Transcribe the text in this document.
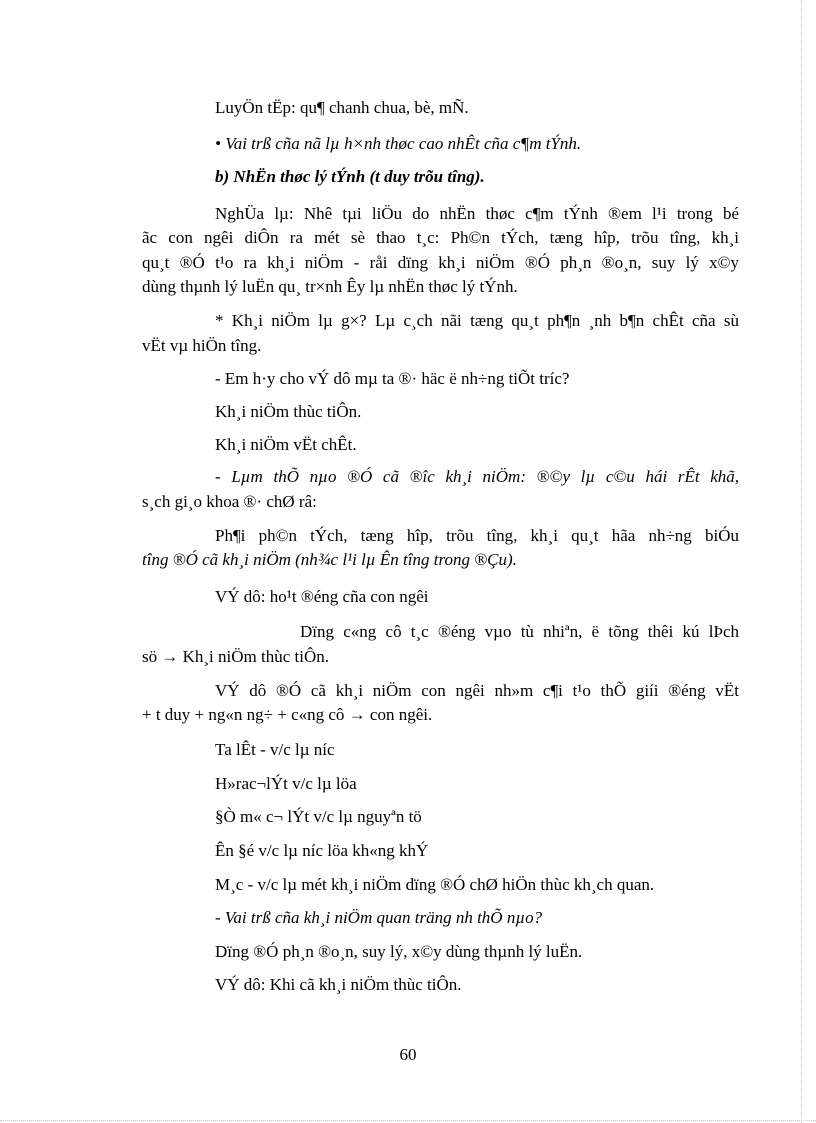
LuyÖn tËp: qu¶ chanh chua, bè, mÑ.
• Vai trß cña nã lµ h×nh thøc cao nhÊt cña c¶m tÝnh.
b) NhËn thøc lý tÝnh (t duy trõu tîng).
NghÜa lµ: Nhê tµi liÖu do nhËn thøc c¶m tÝnh ®em l¹i trong bé
ãc con ngêi diÔn ra mét sè thao t¸c: Ph©n tÝch, tæng hîp, trõu tîng, kh¸i
qu¸t ®Ó t¹o ra kh¸i niÖm - råi dïng kh¸i niÖm ®Ó ph¸n ®o¸n, suy lý x©y
dùng thµnh lý luËn qu¸ tr×nh Êy lµ nhËn thøc lý tÝnh.
* Kh¸i niÖm lµ g×? Lµ c¸ch nãi tæng qu¸t ph¶n ¸nh b¶n chÊt cña sù
vËt vµ hiÖn tîng.
- Em h·y cho vÝ dô mµ ta ®· häc ë nh÷ng tiÕt tríc?
Kh¸i niÖm thùc tiÔn.
Kh¸i niÖm vËt chÊt.
- Lµm thÕ nµo ®Ó cã ®îc kh¸i niÖm: ®©y lµ c©u hái rÊt khã,
s¸ch gi¸o khoa ®· chØ râ:
Ph¶i ph©n tÝch, tæng hîp, trõu tîng, kh¸i qu¸t hãa nh÷ng biÓu
tîng ®Ó cã kh¸i niÖm (nh¾c l¹i lµ Ên tîng trong ®Çu).
VÝ dô: ho¹t ®éng cña con ngêi
Dïng c«ng cô t¸c ®éng vµo tù nhiªn, ë tõng thêi kú lÞch
sö → Kh¸i niÖm thùc tiÔn.
VÝ dô ®Ó cã kh¸i niÖm con ngêi nh»m c¶i t¹o thÕ giíi ®éng vËt
+ t duy + ng«n ng÷ + c«ng cô → con ngêi.
Ta lÊt - v/c lµ níc
H»rac¬lÝt v/c lµ löa
§Ò m« c¬ lÝt v/c lµ nguyªn tö
Ên §é v/c lµ níc löa kh«ng khÝ
M¸c - v/c lµ mét kh¸i niÖm dïng ®Ó chØ hiÖn thùc kh¸ch quan.
- Vai trß cña kh¸i niÖm quan träng nh thÕ nµo?
Dïng ®Ó ph¸n ®o¸n, suy lý, x©y dùng thµnh lý luËn.
VÝ dô: Khi cã kh¸i niÖm thùc tiÔn.
60
